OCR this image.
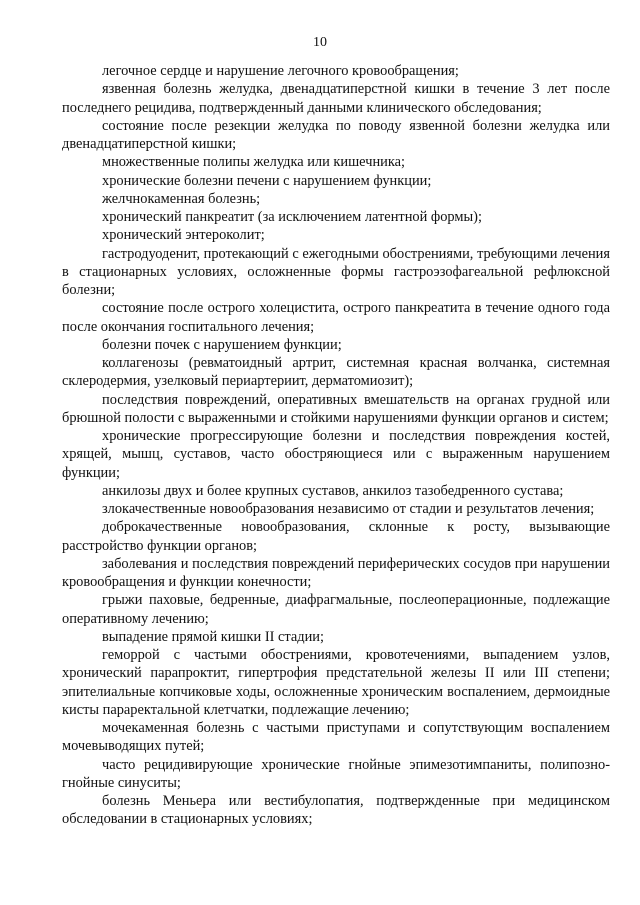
10

легочное сердце и нарушение легочного кровообращения;

язвенная болезнь желудка, двенадцатиперстной кишки в течение 3 лет после последнего рецидива, подтвержденный данными клинического обследования;

состояние после резекции желудка по поводу язвенной болезни желудка или двенадцатиперстной кишки;

множественные полипы желудка или кишечника;

хронические болезни печени с нарушением функции;

желчнокаменная болезнь;

хронический панкреатит (за исключением латентной формы);

хронический энтероколит;

гастродуоденит, протекающий с ежегодными обострениями, требующими лечения в стационарных условиях, осложненные формы гастроэзофагеальной рефлюксной болезни;

состояние после острого холецистита, острого панкреатита в течение одного года после окончания госпитального лечения;

болезни почек с нарушением функции;

коллагенозы (ревматоидный артрит, системная красная волчанка, системная склеродермия, узелковый периартериит, дерматомиозит);

последствия повреждений, оперативных вмешательств на органах грудной или брюшной полости с выраженными и стойкими нарушениями функции органов и систем;

хронические прогрессирующие болезни и последствия повреждения костей, хрящей, мышц, суставов, часто обостряющиеся или с выраженным нарушением функции;

анкилозы двух и более крупных суставов, анкилоз тазобедренного сустава;

злокачественные новообразования независимо от стадии и результатов лечения;

доброкачественные новообразования, склонные к росту, вызывающие расстройство функции органов;

заболевания и последствия повреждений периферических сосудов при нарушении кровообращения и функции конечности;

грыжи паховые, бедренные, диафрагмальные, послеоперационные, подлежащие оперативному лечению;

выпадение прямой кишки II стадии;

геморрой с частыми обострениями, кровотечениями, выпадением узлов, хронический парапроктит, гипертрофия предстательной железы II или III степени; эпителиальные копчиковые ходы, осложненные хроническим воспалением, дермоидные кисты параректальной клетчатки, подлежащие лечению;

мочекаменная болезнь с частыми приступами и сопутствующим воспалением мочевыводящих путей;

часто рецидивирующие хронические гнойные эпимезотимпаниты, полипозно-гнойные синуситы;

болезнь Меньера или вестибулопатия, подтвержденные при медицинском обследовании в стационарных условиях;
